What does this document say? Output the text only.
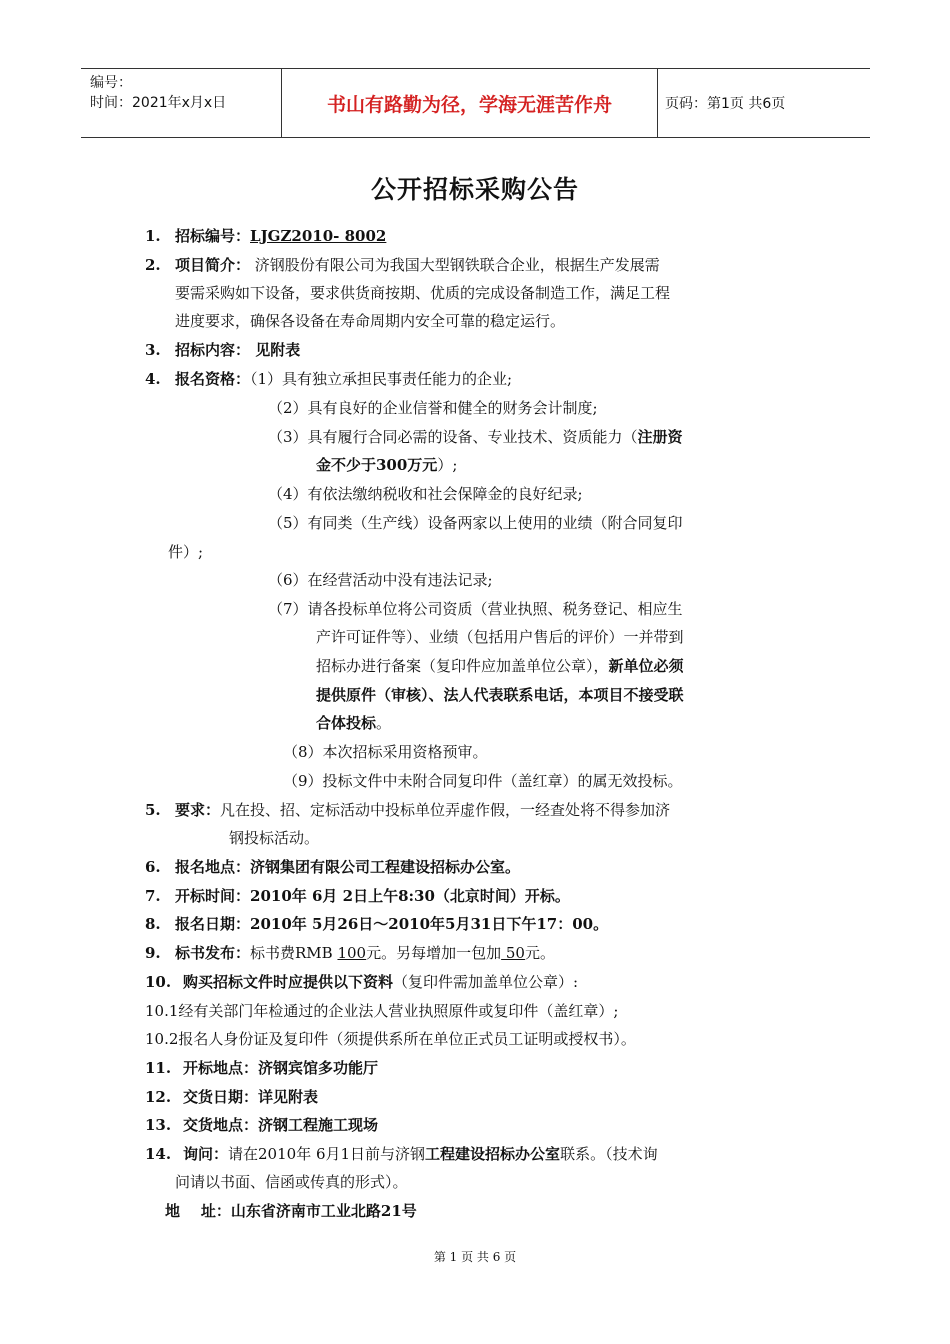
编号：
时间：2021年x月x日	书山有路勤为径，学海无涯苦作舟	页码：第1页 共6页
公开招标采购公告
1. 招标编号：LJGZ2010- 8002
2. 项目简介： 济钢股份有限公司为我国大型钢铁联合企业，根据生产发展需
要需采购如下设备，要求供货商按期、优质的完成设备制造工作，满足工程
进度要求，确保各设备在寿命周期内安全可靠的稳定运行。
3. 招标内容： 见附表
4. 报名资格：（1）具有独立承担民事责任能力的企业;
（2）具有良好的企业信誉和健全的财务会计制度;
（3）具有履行合同必需的设备、专业技术、资质能力（注册资
金不少于300万元）;
（4）有依法缴纳税收和社会保障金的良好纪录;
（5）有同类（生产线）设备两家以上使用的业绩（附合同复印
件）;
（6）在经营活动中没有违法记录;
（7）请各投标单位将公司资质（营业执照、税务登记、相应生
产许可证件等）、业绩（包括用户售后的评价）一并带到
招标办进行备案（复印件应加盖单位公章），新单位必须
提供原件（审核）、法人代表联系电话，本项目不接受联
合体投标。
（8）本次招标采用资格预审。
（9）投标文件中未附合同复印件（盖红章）的属无效投标。
5. 要求：凡在投、招、定标活动中投标单位弄虚作假，一经查处将不得参加济
钢投标活动。
6. 报名地点：济钢集团有限公司工程建设招标办公室。
7. 开标时间：2010年 6月 2日上午8:30（北京时间）开标。
8. 报名日期：2010年 5月26日～2010年5月31日下午17：00。
9. 标书发布：标书费RMB 100元。另每增加一包加 50元。
10. 购买招标文件时应提供以下资料（复印件需加盖单位公章）:
10.1经有关部门年检通过的企业法人营业执照原件或复印件（盖红章）;
10.2报名人身份证及复印件（须提供系所在单位正式员工证明或授权书）。
11. 开标地点：济钢宾馆多功能厅
12. 交货日期：详见附表
13. 交货地点：济钢工程施工现场
14. 询问：请在2010年 6月1日前与济钢工程建设招标办公室联系。（技术询
问请以书面、信函或传真的形式）。
地    址：山东省济南市工业北路21号
第 1 页 共 6 页
